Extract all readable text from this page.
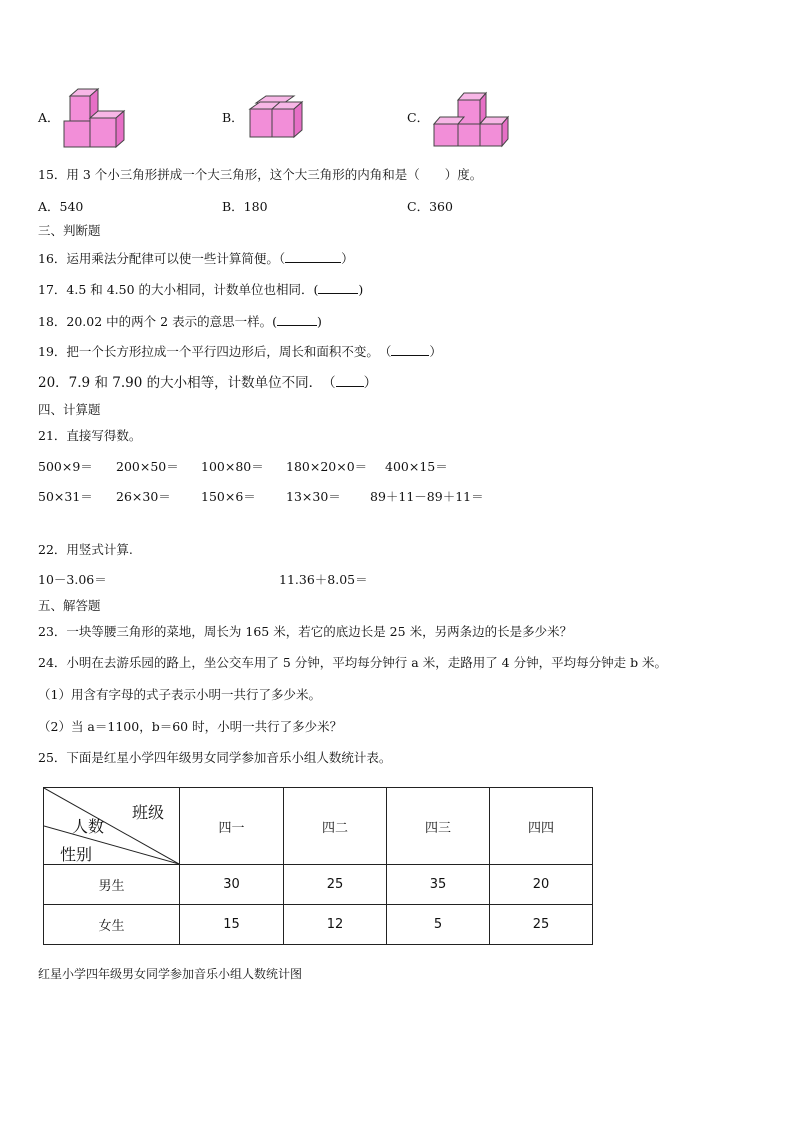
A．	B．	C．
15．用 3 个小三角形拼成一个大三角形，这个大三角形的内角和是（　　）度。
A．540	B．180	C．360
三、判断题
16．运用乘法分配律可以使一些计算简便。（	）
17．4.5 和 4.50 的大小相同，计数单位也相同．(	)
18．20.02 中的两个 2 表示的意思一样。(	)
19．把一个长方形拉成一个平行四边形后，周长和面积不变。　（	）
20．7.9 和 7.90 的大小相等，计数单位不同．　（ ）
四、计算题
21．直接写得数。
500×9＝ 200×50＝ 100×80＝ 180×20×0＝ 400×15＝
50×31＝ 26×30＝ 150×6＝ 13×30＝ 89＋11－89＋11＝
22．用竖式计算.
10－3.06＝	11.36＋8.05＝
五、解答题
23．一块等腰三角形的菜地，周长为 165 米，若它的底边长是 25 米，另两条边的长是多少米？
24．小明在去游乐园的路上，坐公交车用了 5 分钟，平均每分钟行 a 米，走路用了 4 分钟，平均每分钟走 b 米。
（1）用含有字母的式子表示小明一共行了多少米。
（2）当 a＝1100，b＝60 时，小明一共行了多少米？
25．下面是红星小学四年级男女同学参加音乐小组人数统计表。
班级
人数
性别	四一	四二	四三	四四
男生	30	25	35	20
女生	15	12	5	25
红星小学四年级男女同学参加音乐小组人数统计图
